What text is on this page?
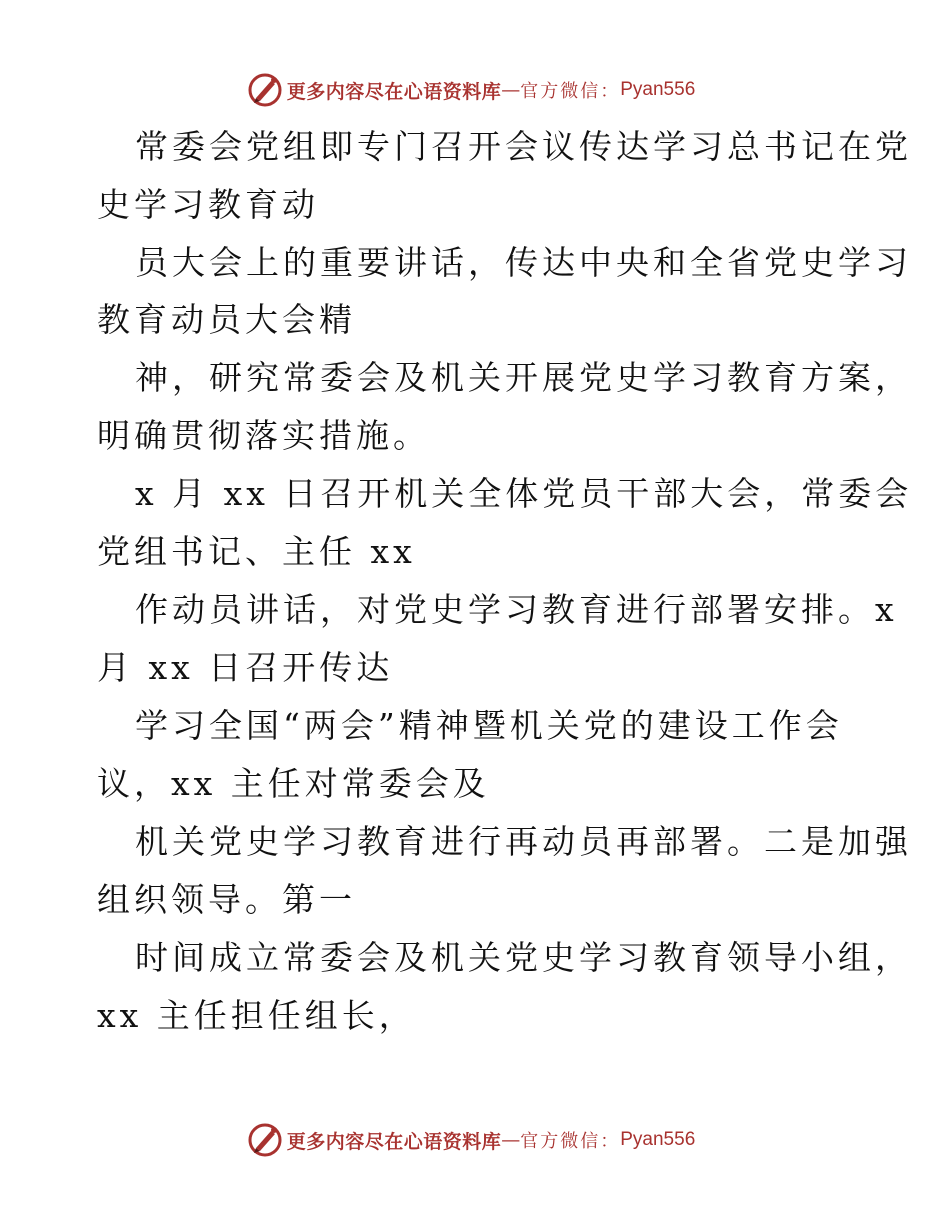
更多内容尽在心语资料库 — 官方微信： Pyan556
常委会党组即专门召开会议传达学习总书记在党
史学习教育动
员大会上的重要讲话，传达中央和全省党史学习
教育动员大会精
神，研究常委会及机关开展党史学习教育方案，
明确贯彻落实措施。
x 月 xx 日召开机关全体党员干部大会，常委会
党组书记、主任 xx
作动员讲话，对党史学习教育进行部署安排。x
月 xx 日召开传达
学习全国“两会”精神暨机关党的建设工作会
议，xx 主任对常委会及
机关党史学习教育进行再动员再部署。二是加强
组织领导。第一
时间成立常委会及机关党史学习教育领导小组，
xx 主任担任组长，
更多内容尽在心语资料库 — 官方微信： Pyan556
